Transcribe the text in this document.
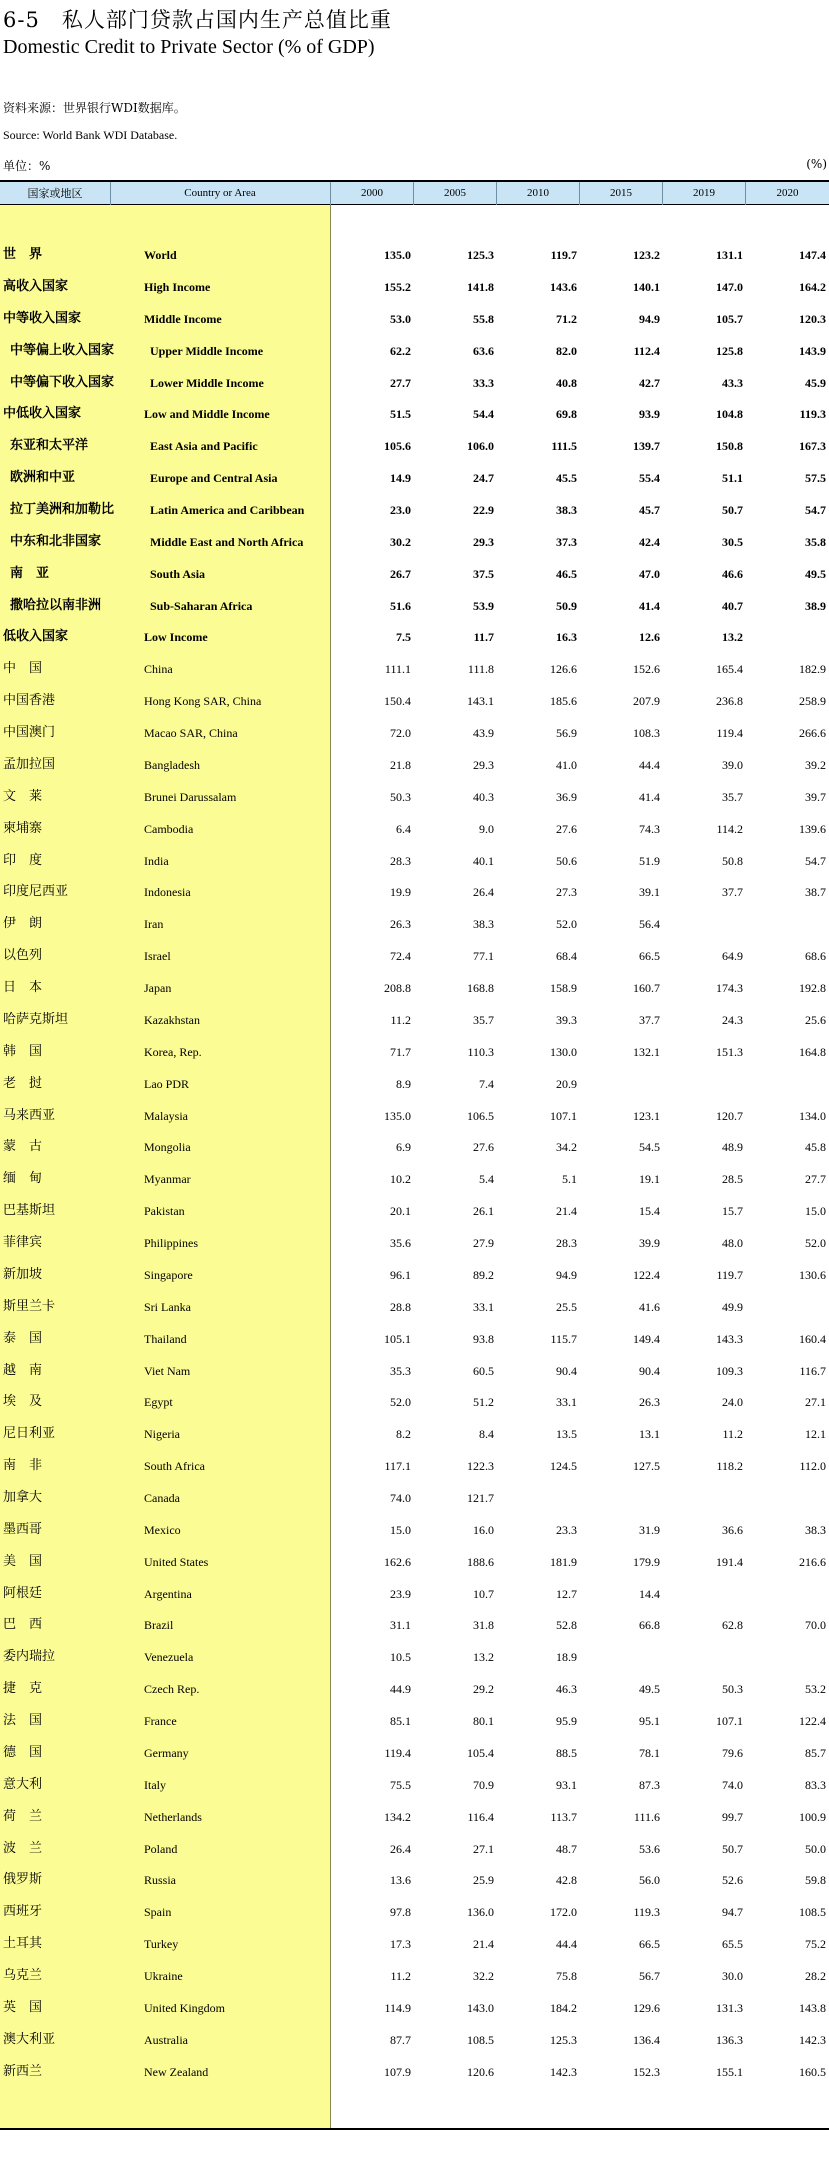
6-5　私人部门贷款占国内生产总值比重
Domestic Credit to Private Sector (% of GDP)
资料来源：世界银行WDI数据库。
Source: World Bank WDI Database.
单位：%	(%)
国家或地区	Country or Area	2000	2005	2010	2015	2019	2020
世　界	World	135.0	125.3	119.7	123.2	131.1	147.4
高收入国家	High Income	155.2	141.8	143.6	140.1	147.0	164.2
中等收入国家	Middle Income	53.0	55.8	71.2	94.9	105.7	120.3
中等偏上收入国家	Upper Middle Income	62.2	63.6	82.0	112.4	125.8	143.9
中等偏下收入国家	Lower Middle Income	27.7	33.3	40.8	42.7	43.3	45.9
中低收入国家	Low and Middle Income	51.5	54.4	69.8	93.9	104.8	119.3
东亚和太平洋	East Asia and Pacific	105.6	106.0	111.5	139.7	150.8	167.3
欧洲和中亚	Europe and Central Asia	14.9	24.7	45.5	55.4	51.1	57.5
拉丁美洲和加勒比	Latin America and Caribbean	23.0	22.9	38.3	45.7	50.7	54.7
中东和北非国家	Middle East and North Africa	30.2	29.3	37.3	42.4	30.5	35.8
南　亚	South Asia	26.7	37.5	46.5	47.0	46.6	49.5
撒哈拉以南非洲	Sub-Saharan Africa	51.6	53.9	50.9	41.4	40.7	38.9
低收入国家	Low Income	7.5	11.7	16.3	12.6	13.2
中　国	China	111.1	111.8	126.6	152.6	165.4	182.9
中国香港	Hong Kong SAR, China	150.4	143.1	185.6	207.9	236.8	258.9
中国澳门	Macao SAR, China	72.0	43.9	56.9	108.3	119.4	266.6
孟加拉国	Bangladesh	21.8	29.3	41.0	44.4	39.0	39.2
文　莱	Brunei Darussalam	50.3	40.3	36.9	41.4	35.7	39.7
柬埔寨	Cambodia	6.4	9.0	27.6	74.3	114.2	139.6
印　度	India	28.3	40.1	50.6	51.9	50.8	54.7
印度尼西亚	Indonesia	19.9	26.4	27.3	39.1	37.7	38.7
伊　朗	Iran	26.3	38.3	52.0	56.4
以色列	Israel	72.4	77.1	68.4	66.5	64.9	68.6
日　本	Japan	208.8	168.8	158.9	160.7	174.3	192.8
哈萨克斯坦	Kazakhstan	11.2	35.7	39.3	37.7	24.3	25.6
韩　国	Korea, Rep.	71.7	110.3	130.0	132.1	151.3	164.8
老　挝	Lao PDR	8.9	7.4	20.9
马来西亚	Malaysia	135.0	106.5	107.1	123.1	120.7	134.0
蒙　古	Mongolia	6.9	27.6	34.2	54.5	48.9	45.8
缅　甸	Myanmar	10.2	5.4	5.1	19.1	28.5	27.7
巴基斯坦	Pakistan	20.1	26.1	21.4	15.4	15.7	15.0
菲律宾	Philippines	35.6	27.9	28.3	39.9	48.0	52.0
新加坡	Singapore	96.1	89.2	94.9	122.4	119.7	130.6
斯里兰卡	Sri Lanka	28.8	33.1	25.5	41.6	49.9
泰　国	Thailand	105.1	93.8	115.7	149.4	143.3	160.4
越　南	Viet Nam	35.3	60.5	90.4	90.4	109.3	116.7
埃　及	Egypt	52.0	51.2	33.1	26.3	24.0	27.1
尼日利亚	Nigeria	8.2	8.4	13.5	13.1	11.2	12.1
南　非	South Africa	117.1	122.3	124.5	127.5	118.2	112.0
加拿大	Canada	74.0	121.7
墨西哥	Mexico	15.0	16.0	23.3	31.9	36.6	38.3
美　国	United States	162.6	188.6	181.9	179.9	191.4	216.6
阿根廷	Argentina	23.9	10.7	12.7	14.4
巴　西	Brazil	31.1	31.8	52.8	66.8	62.8	70.0
委内瑞拉	Venezuela	10.5	13.2	18.9
捷　克	Czech Rep.	44.9	29.2	46.3	49.5	50.3	53.2
法　国	France	85.1	80.1	95.9	95.1	107.1	122.4
德　国	Germany	119.4	105.4	88.5	78.1	79.6	85.7
意大利	Italy	75.5	70.9	93.1	87.3	74.0	83.3
荷　兰	Netherlands	134.2	116.4	113.7	111.6	99.7	100.9
波　兰	Poland	26.4	27.1	48.7	53.6	50.7	50.0
俄罗斯	Russia	13.6	25.9	42.8	56.0	52.6	59.8
西班牙	Spain	97.8	136.0	172.0	119.3	94.7	108.5
土耳其	Turkey	17.3	21.4	44.4	66.5	65.5	75.2
乌克兰	Ukraine	11.2	32.2	75.8	56.7	30.0	28.2
英　国	United Kingdom	114.9	143.0	184.2	129.6	131.3	143.8
澳大利亚	Australia	87.7	108.5	125.3	136.4	136.3	142.3
新西兰	New Zealand	107.9	120.6	142.3	152.3	155.1	160.5
